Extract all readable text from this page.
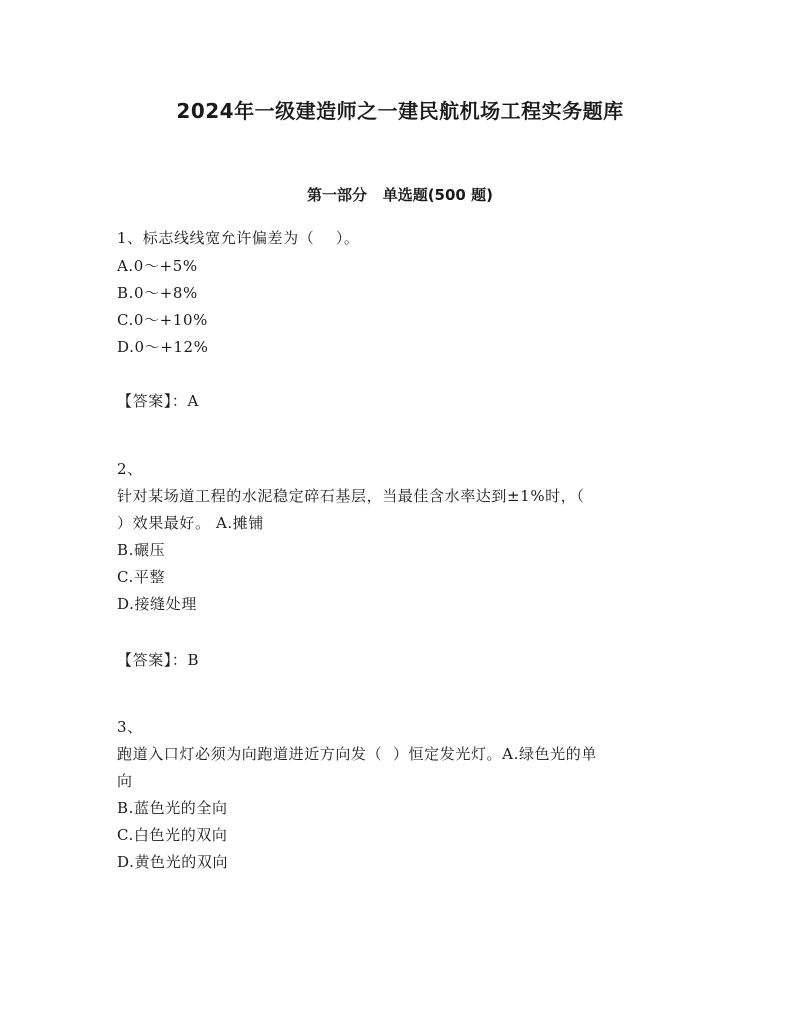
2024年一级建造师之一建民航机场工程实务题库
第一部分   单选题(500 题)
1、标志线线宽允许偏差为（    ）。
A.0～+5%
B.0～+8%
C.0～+10%
D.0～+12%
【答案】：A
2、
针对某场道工程的水泥稳定碎石基层，当最佳含水率达到±1%时，（
）效果最好。 A.摊铺
B.碾压
C.平整
D.接缝处理
【答案】：B
3、
跑道入口灯必须为向跑道进近方向发（  ）恒定发光灯。A.绿色光的单
向
B.蓝色光的全向
C.白色光的双向
D.黄色光的双向
